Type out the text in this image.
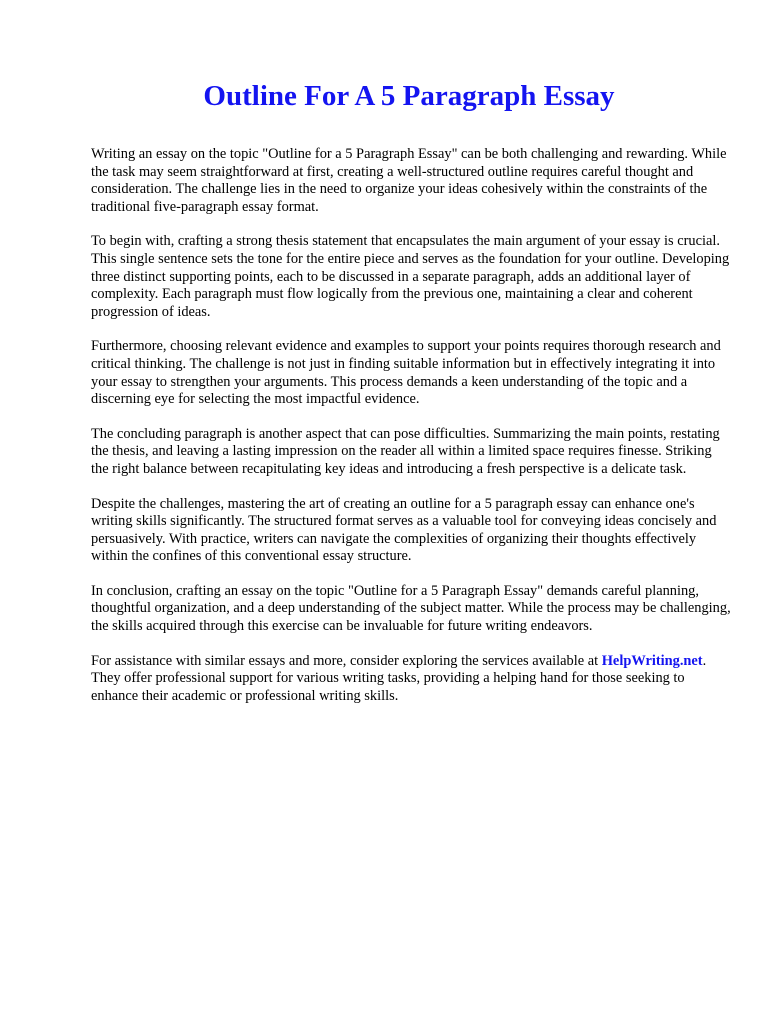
Outline For A 5 Paragraph Essay

Writing an essay on the topic "Outline for a 5 Paragraph Essay" can be both challenging and rewarding. While the task may seem straightforward at first, creating a well-structured outline requires careful thought and consideration. The challenge lies in the need to organize your ideas cohesively within the constraints of the traditional five-paragraph essay format.

To begin with, crafting a strong thesis statement that encapsulates the main argument of your essay is crucial. This single sentence sets the tone for the entire piece and serves as the foundation for your outline. Developing three distinct supporting points, each to be discussed in a separate paragraph, adds an additional layer of complexity. Each paragraph must flow logically from the previous one, maintaining a clear and coherent progression of ideas.

Furthermore, choosing relevant evidence and examples to support your points requires thorough research and critical thinking. The challenge is not just in finding suitable information but in effectively integrating it into your essay to strengthen your arguments. This process demands a keen understanding of the topic and a discerning eye for selecting the most impactful evidence.

The concluding paragraph is another aspect that can pose difficulties. Summarizing the main points, restating the thesis, and leaving a lasting impression on the reader all within a limited space requires finesse. Striking the right balance between recapitulating key ideas and introducing a fresh perspective is a delicate task.

Despite the challenges, mastering the art of creating an outline for a 5 paragraph essay can enhance one's writing skills significantly. The structured format serves as a valuable tool for conveying ideas concisely and persuasively. With practice, writers can navigate the complexities of organizing their thoughts effectively within the confines of this conventional essay structure.

In conclusion, crafting an essay on the topic "Outline for a 5 Paragraph Essay" demands careful planning, thoughtful organization, and a deep understanding of the subject matter. While the process may be challenging, the skills acquired through this exercise can be invaluable for future writing endeavors.

For assistance with similar essays and more, consider exploring the services available at HelpWriting.net. They offer professional support for various writing tasks, providing a helping hand for those seeking to enhance their academic or professional writing skills.
